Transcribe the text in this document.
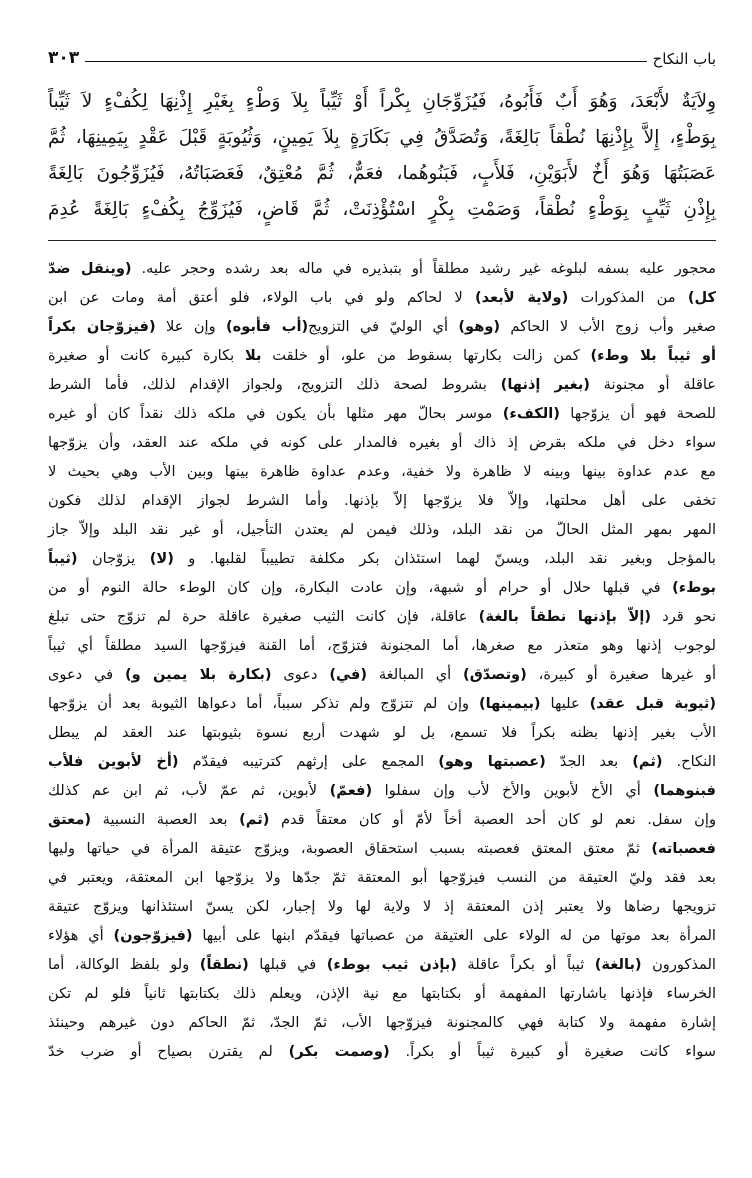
باب النكاح
٣٠٣
وِلاَيَةٌ لأَبْعَدَ، وَهُوَ أَبٌ فَأَبُوهُ، فَيُزَوِّجَانِ بِكْراً أَوْ ثَيِّباً بِلاَ وَطْءٍ بِغَيْرِ إِذْنِهَا لِكُفْءٍ لاَ ثَيِّباً
بِوَطْءٍ، إِلاَّ بِإِذْنِهَا نُطْقاً بَالِغَةً، وَتُصَدَّقُ فِي بَكَارَةٍ بِلاَ يَمِينٍ، وَثُيُوبَةٍ قَبْلَ عَقْدٍ بِيَمِينِهَا، ثُمَّ
عَصَبَتُهَا وَهُوَ أَخٌ لأَبَوَيْنِ، فَلأَبٍ، فَبَنُوهُما، فعَمٌّ، ثُمَّ مُعْتِقٌ، فَعَصَبَاتُهُ، فَيُزَوِّجُونَ بَالِغَةً
بِإِذْنِ ثَيِّبٍ بِوَطْءٍ نُطْقاً، وَصَمْتِ بِكْرٍ اسْتُؤْذِنَتْ، ثُمَّ قَاضٍ، فَيُزَوِّجُ بِكُفْءٍ بَالِغَةً عُدِمَ
محجور عليه بسفه لبلوغه غير رشيد مطلقاً أو بتبذيره في ماله بعد رشده وحجر عليه. (وينقل ضدّ
كل) من المذكورات (ولاية لأبعد) لا لحاكم ولو في باب الولاء، فلو أعتق أمة ومات عن ابن
صغير وأب زوج الأب لا الحاكم (وهو) أي الوليّ في التزويج(أب فأبوه) وإن علا (فيزوّجان بكراً
أو ثيباً بلا وطء) كمن زالت بكارتها بسقوط من علو، أو خلقت بلا بكارة كبيرة كانت أو صغيرة
عاقلة أو مجنونة (بغير إذنها) بشروط لصحة ذلك التزويج، ولجواز الإقدام لذلك، فأما الشرط
للصحة فهو أن يزوّجها (الكفء) موسر بحالّ مهر مثلها بأن يكون في ملكه ذلك نقداً كان أو غيره
سواء دخل في ملكه بقرض إذ ذاك أو بغيره فالمدار على كونه في ملكه عند العقد، وأن يزوّجها
مع عدم عداوة بينها وبينه لا ظاهرة ولا خفية، وعدم عداوة ظاهرة بينها وبين الأب وهي بحيث لا
تخفى على أهل محلتها، وإلاّ فلا يزوّجها إلاّ بإذنها. وأما الشرط لجواز الإقدام لذلك فكون
المهر بمهر المثل الحالّ من نقد البلد، وذلك فيمن لم يعتدن التأجيل، أو غير نقد البلد وإلاّ جاز
بالمؤجل وبغير نقد البلد، ويسنّ لهما استئذان بكر مكلفة تطييباً لقلبها. و (لا) يزوّجان (ثيباً
بوطء) في قبلها حلال أو حرام أو شبهة، وإن عادت البكارة، وإن كان الوطء حالة النوم أو من
نحو قرد (إلاّ بإذنها نطقاً بالغة) عاقلة، فإن كانت الثيب صغيرة عاقلة حرة لم تزوّج حتى تبلغ
لوجوب إذنها وهو متعذر مع صغرها، أما المجنونة فتزوّج، أما القنة فيزوّجها السيد مطلقاً أي ثيباً
أو غيرها صغيرة أو كبيرة، (وتصدّق) أي المبالغة (في) دعوى (بكارة بلا يمين و) في دعوى
(ثيوبة قبل عقد) عليها (بيمينها) وإن لم تتزوّج ولم تذكر سبباً، أما دعواها الثيوبة بعد أن يزوّجها
الأب بغير إذنها بظنه بكراً فلا تسمع، بل لو شهدت أربع نسوة بثيوبتها عند العقد لم يبطل
النكاح. (ثم) بعد الجدّ (عصبتها وهو) المجمع على إرثهم كترتيبه فيقدّم (أخ لأبوين فلأب
فبنوهما) أي الأخ لأبوين والأخ لأب وإن سفلوا (فعمّ) لأبوين، ثم عمّ لأب، ثم ابن عم كذلك
وإن سفل. نعم لو كان أحد العصبة أخاً لأمّ أو كان معتقاً قدم (ثم) بعد العصبة النسبية (معتق
فعصباته) ثمّ معتق المعتق فعصبته بسبب استحقاق العصوبة، ويزوّج عتيقة المرأة في حياتها وليها
بعد فقد وليّ العتيقة من النسب فيزوّجها أبو المعتقة ثمّ جدّها ولا يزوّجها ابن المعتقة، ويعتبر في
تزويجها رضاها ولا يعتبر إذن المعتقة إذ لا ولاية لها ولا إجبار، لكن يسنّ استئذانها ويزوّج عتيقة
المرأة بعد موتها من له الولاء على العتيقة من عصباتها فيقدّم ابنها على أبيها (فيزوّجون) أي هؤلاء
المذكورون (بالغة) ثيباً أو بكراً عاقلة (بإذن ثيب بوطء) في قبلها (نطقاً) ولو بلفظ الوكالة، أما
الخرساء فإذنها باشارتها المفهمة أو بكتابتها مع نية الإذن، ويعلم ذلك بكتابتها ثانياً فلو لم تكن
إشارة مفهمة ولا كتابة فهي كالمجنونة فيزوّجها الأب، ثمّ الجدّ، ثمّ الحاكم دون غيرهم وحينئذ
سواء كانت صغيرة أو كبيرة ثيباً أو بكراً. (وصمت بكر) لم يقترن بصياح أو ضرب خدّ
